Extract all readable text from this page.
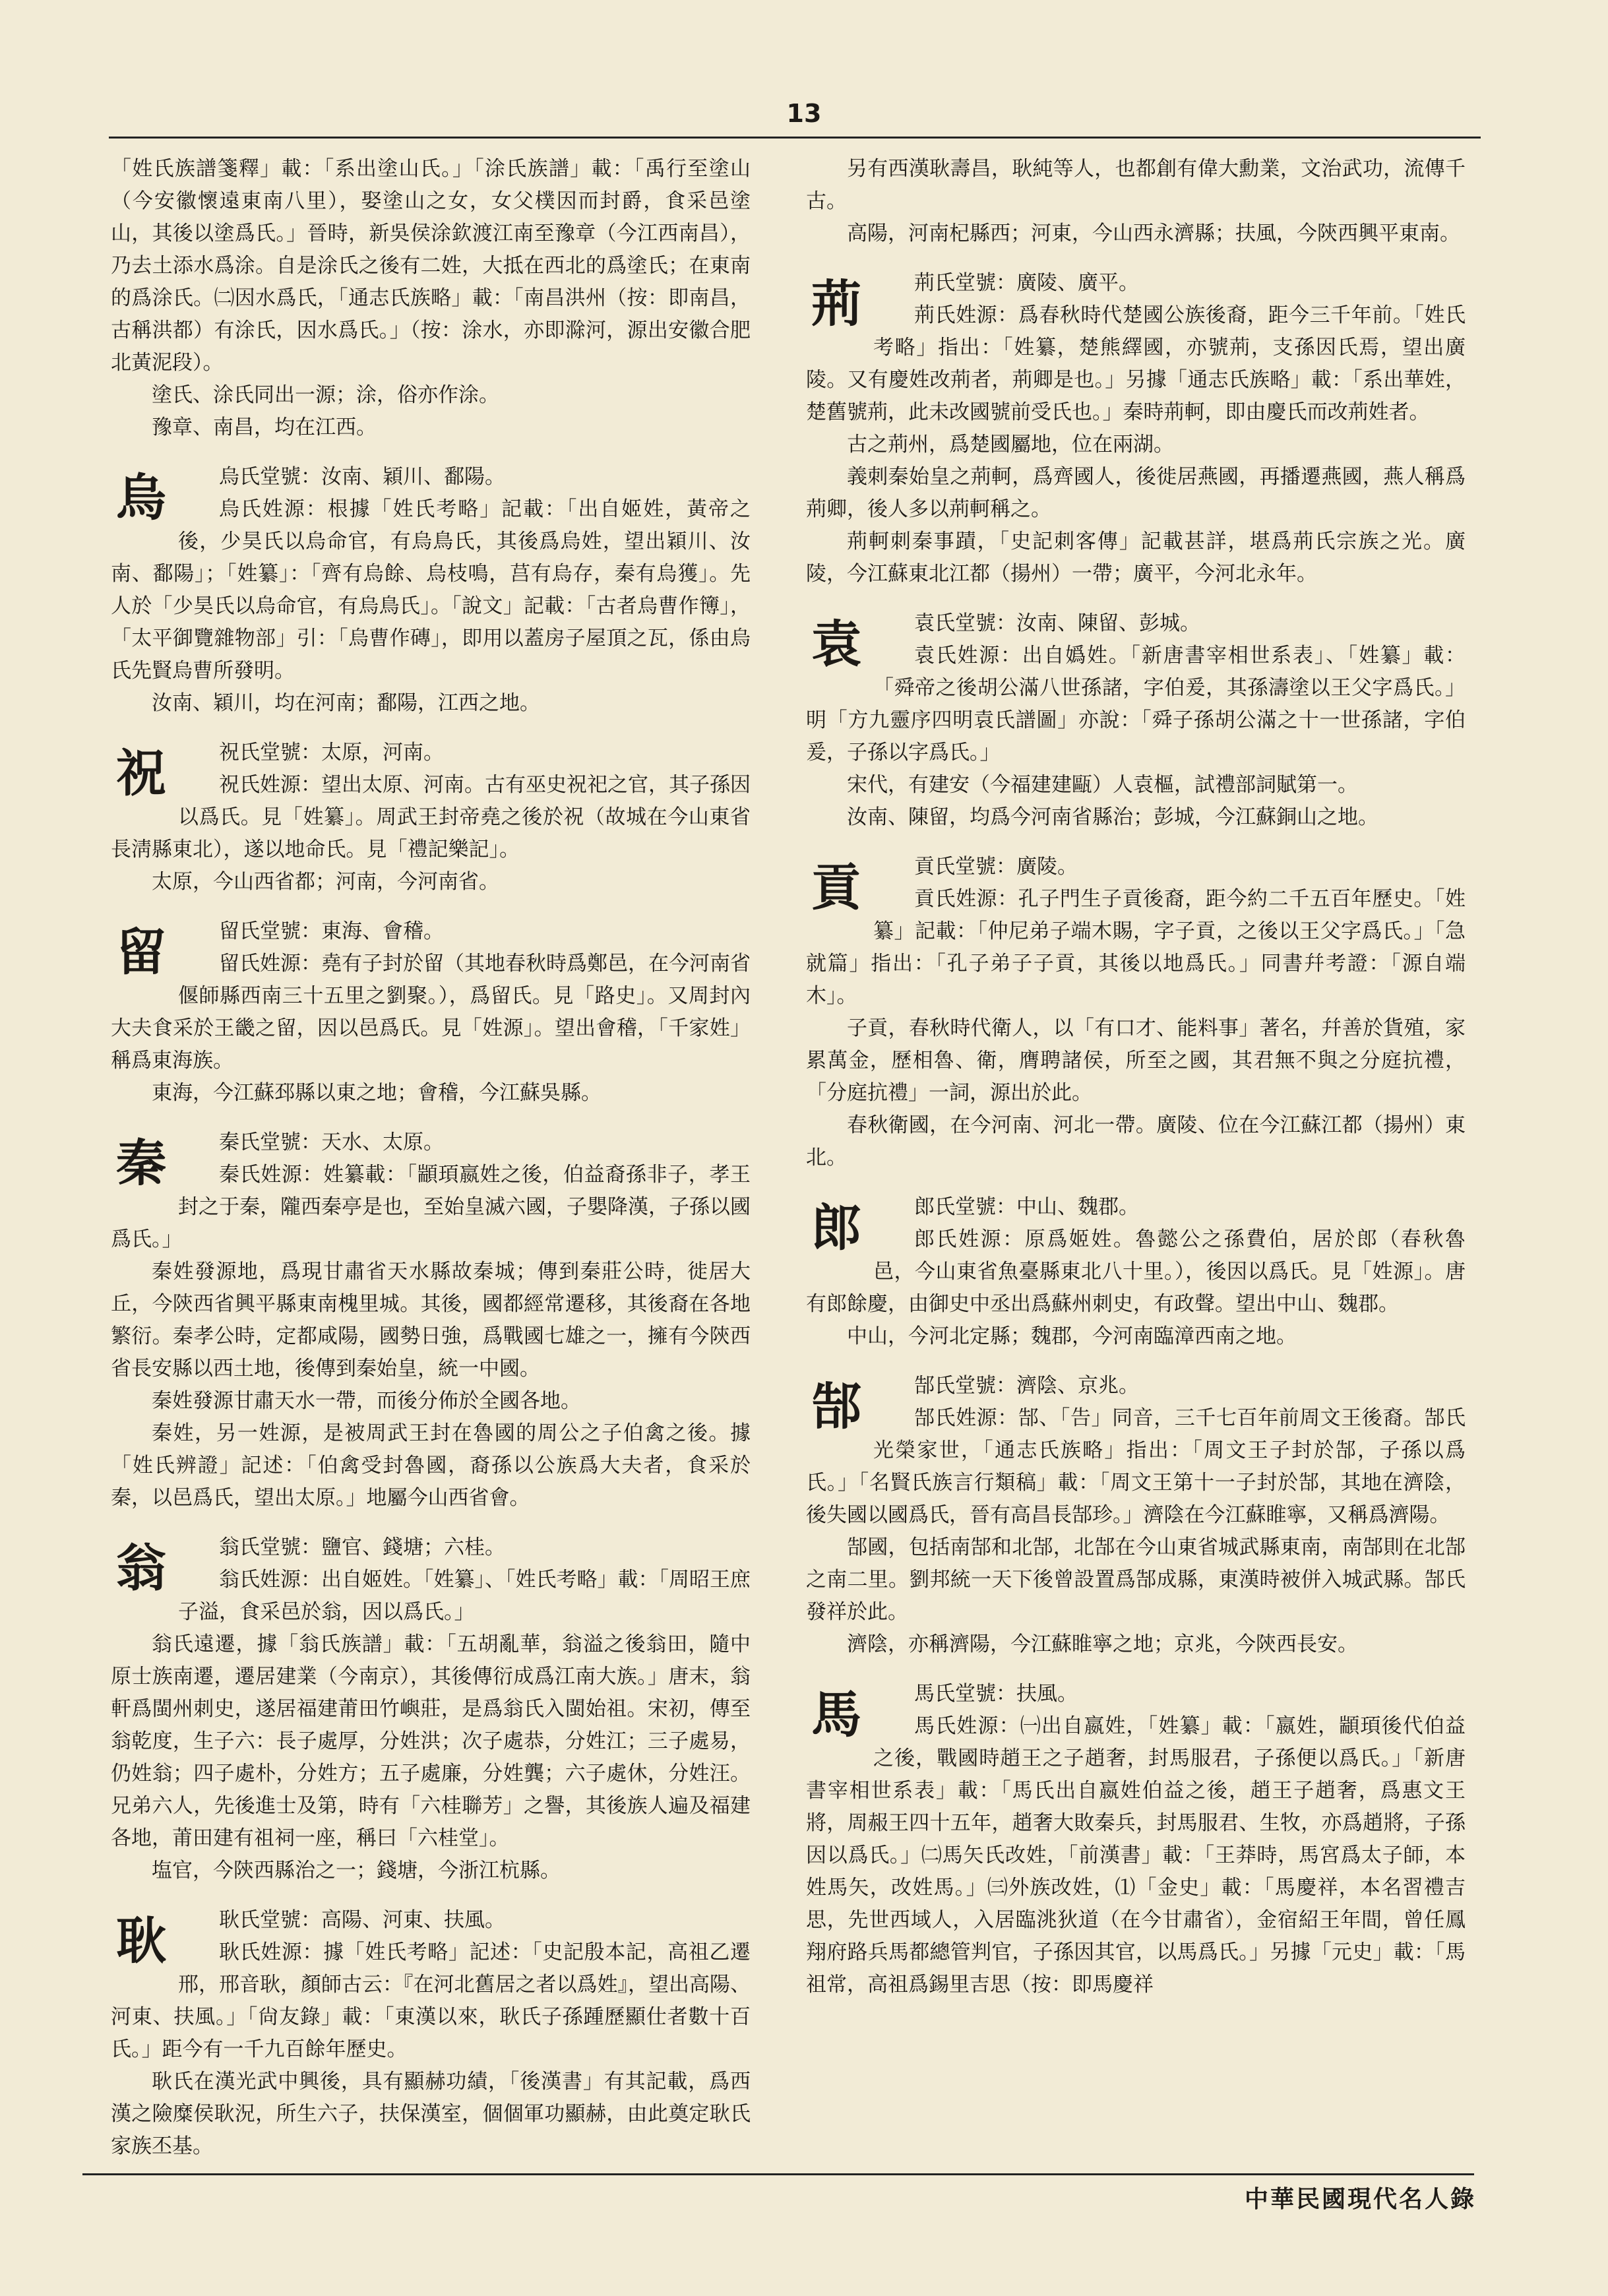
13

「姓氏族譜箋釋」載：「系出塗山氏。」「涂氏族譜」載：「禹行至塗山（今安徽懷遠東南八里），娶塗山之女，女父樸因而封爵，食采邑塗山，其後以塗爲氏。」晉時，新吳侯涂欽渡江南至豫章（今江西南昌），乃去土添水爲涂。自是涂氏之後有二姓，大抵在西北的爲塗氏；在東南的爲涂氏。㈡因水爲氏，「通志氏族略」載：「南昌洪州（按：即南昌，古稱洪都）有涂氏，因水爲氏。」（按：涂水，亦即滁河，源出安徽合肥北黃泥段）。

塗氏、涂氏同出一源；涂，俗亦作涂。

豫章、南昌，均在江西。

烏	烏氏堂號：汝南、穎川、鄱陽。

烏氏姓源：根據「姓氏考略」記載：「出自姬姓，黃帝之後，少昊氏以烏命官，有烏鳥氏，其後爲烏姓，望出穎川、汝南、鄱陽」；「姓纂」：「齊有烏餘、烏枝鳴，莒有烏存，秦有烏獲」。先人於「少昊氏以烏命官，有烏鳥氏」。「說文」記載：「古者烏曹作簙」，「太平御覽雜物部」引：「烏曹作磚」，即用以蓋房子屋頂之瓦，係由烏氏先賢烏曹所發明。

汝南、穎川，均在河南；鄱陽，江西之地。

祝	祝氏堂號：太原，河南。

祝氏姓源：望出太原、河南。古有巫史祝祀之官，其子孫因以爲氏。見「姓纂」。周武王封帝堯之後於祝（故城在今山東省長淸縣東北），遂以地命氏。見「禮記樂記」。

太原，今山西省都；河南，今河南省。

留	留氏堂號：東海、會稽。

留氏姓源：堯有子封於留（其地春秋時爲鄭邑，在今河南省偃師縣西南三十五里之劉聚。），爲留氏。見「路史」。又周封內大夫食采於王畿之留，因以邑爲氏。見「姓源」。望出會稽，「千家姓」稱爲東海族。

東海，今江蘇邳縣以東之地；會稽，今江蘇吳縣。

秦	秦氏堂號：天水、太原。

秦氏姓源：姓纂載：「顓頊嬴姓之後，伯益裔孫非子，孝王封之于秦，隴西秦亭是也，至始皇滅六國，子嬰降漢，子孫以國爲氏。」

秦姓發源地，爲現甘肅省天水縣故秦城；傳到秦莊公時，徙居大丘，今陝西省興平縣東南槐里城。其後，國都經常遷移，其後裔在各地繁衍。秦孝公時，定都咸陽，國勢日強，爲戰國七雄之一，擁有今陝西省長安縣以西土地，後傳到秦始皇，統一中國。

秦姓發源甘肅天水一帶，而後分佈於全國各地。

秦姓，另一姓源，是被周武王封在魯國的周公之子伯禽之後。據「姓氏辨證」記述：「伯禽受封魯國，裔孫以公族爲大夫者，食采於秦，以邑爲氏，望出太原。」地屬今山西省會。

翁	翁氏堂號：鹽官、錢塘；六桂。

翁氏姓源：出自姬姓。「姓纂」、「姓氏考略」載：「周昭王庶子溢，食采邑於翁，因以爲氏。」

翁氏遠遷，據「翁氏族譜」載：「五胡亂華，翁溢之後翁田，隨中原士族南遷，遷居建業（今南京），其後傳衍成爲江南大族。」唐末，翁軒爲閩州刺史，遂居福建莆田竹嶼莊，是爲翁氏入閩始祖。宋初，傳至翁乾度，生子六：長子處厚，分姓洪；次子處恭，分姓江；三子處易，仍姓翁；四子處朴，分姓方；五子處廉，分姓龔；六子處休，分姓汪。兄弟六人，先後進士及第，時有「六桂聯芳」之譽，其後族人遍及福建各地，莆田建有祖祠一座，稱曰「六桂堂」。

塩官，今陝西縣治之一；錢塘，今浙江杭縣。

耿	耿氏堂號：高陽、河東、扶風。

耿氏姓源：據「姓氏考略」記述：「史記殷本記，高祖乙遷邢，邢音耿，顏師古云：『在河北舊居之者以爲姓』，望出高陽、河東、扶風。」「尙友錄」載：「東漢以來，耿氏子孫踵歷顯仕者數十百氏。」距今有一千九百餘年歷史。

耿氏在漢光武中興後，具有顯赫功績，「後漢書」有其記載，爲西漢之險糜侯耿況，所生六子，扶保漢室，個個軍功顯赫，由此奠定耿氏家族丕基。

另有西漢耿壽昌，耿純等人，也都創有偉大勳業，文治武功，流傳千古。

高陽，河南杞縣西；河東，今山西永濟縣；扶風，今陝西興平東南。

荊	荊氏堂號：廣陵、廣平。

荊氏姓源：爲春秋時代楚國公族後裔，距今三千年前。「姓氏考略」指出：「姓纂，楚熊繹國，亦號荊，支孫因氏焉，望出廣陵。又有慶姓改荊者，荊卿是也。」另據「通志氏族略」載：「系出華姓，楚舊號荊，此未改國號前受氏也。」秦時荊軻，即由慶氏而改荊姓者。

古之荊州，爲楚國屬地，位在兩湖。

義刺秦始皇之荊軻，爲齊國人，後徙居燕國，再播遷燕國，燕人稱爲荊卿，後人多以荊軻稱之。

荊軻刺秦事蹟，「史記刺客傳」記載甚詳，堪爲荊氏宗族之光。廣陵，今江蘇東北江都（揚州）一帶；廣平，今河北永年。

袁	袁氏堂號：汝南、陳留、彭城。

袁氏姓源：出自嬀姓。「新唐書宰相世系表」、「姓纂」載：「舜帝之後胡公滿八世孫諸，字伯爰，其孫濤塗以王父字爲氏。」明「方九靈序四明袁氏譜圖」亦說：「舜子孫胡公滿之十一世孫諸，字伯爰，子孫以字爲氏。」

宋代，有建安（今福建建甌）人袁樞，試禮部詞賦第一。

汝南、陳留，均爲今河南省縣治；彭城，今江蘇銅山之地。

貢	貢氏堂號：廣陵。

貢氏姓源：孔子門生子貢後裔，距今約二千五百年歷史。「姓纂」記載：「仲尼弟子端木賜，字子貢，之後以王父字爲氏。」「急就篇」指出：「孔子弟子子貢，其後以地爲氏。」同書幷考證：「源自端木」。

子貢，春秋時代衛人，以「有口才、能料事」著名，幷善於貨殖，家累萬金，歷相魯、衛，膺聘諸侯，所至之國，其君無不與之分庭抗禮，「分庭抗禮」一詞，源出於此。

春秋衛國，在今河南、河北一帶。廣陵、位在今江蘇江都（揚州）東北。

郎	郎氏堂號：中山、魏郡。

郎氏姓源：原爲姬姓。魯懿公之孫費伯，居於郎（春秋魯邑，今山東省魚臺縣東北八十里。），後因以爲氏。見「姓源」。唐有郎餘慶，由御史中丞出爲蘇州刺史，有政聲。望出中山、魏郡。

中山，今河北定縣；魏郡，今河南臨漳西南之地。

郜	郜氏堂號：濟陰、京兆。

郜氏姓源：郜、「告」同音，三千七百年前周文王後裔。郜氏光榮家世，「通志氏族略」指出：「周文王子封於郜，子孫以爲氏。」「名賢氏族言行類稿」載：「周文王第十一子封於郜，其地在濟陰，後失國以國爲氏，晉有高昌長郜珍。」濟陰在今江蘇睢寧，又稱爲濟陽。

郜國，包括南郜和北郜，北郜在今山東省城武縣東南，南郜則在北郜之南二里。劉邦統一天下後曾設置爲郜成縣，東漢時被併入城武縣。郜氏發祥於此。

濟陰，亦稱濟陽，今江蘇睢寧之地；京兆，今陝西長安。

馬	馬氏堂號：扶風。

馬氏姓源：㈠出自嬴姓，「姓纂」載：「嬴姓，顓頊後代伯益之後，戰國時趙王之子趙奢，封馬服君，子孫便以爲氏。」「新唐書宰相世系表」載：「馬氏出自嬴姓伯益之後，趙王子趙奢，爲惠文王將，周赧王四十五年，趙奢大敗秦兵，封馬服君、生牧，亦爲趙將，子孫因以爲氏。」㈡馬矢氏改姓，「前漢書」載：「王莽時，馬宮爲太子師，本姓馬矢，改姓馬。」㈢外族改姓，⑴「金史」載：「馬慶祥，本名習禮吉思，先世西域人，入居臨洮狄道（在今甘肅省），金宿紹王年間，曾任鳳翔府路兵馬都總管判官，子孫因其官，以馬爲氏。」另據「元史」載：「馬祖常，高祖爲錫里吉思（按：即馬慶祥

中華民國現代名人錄
